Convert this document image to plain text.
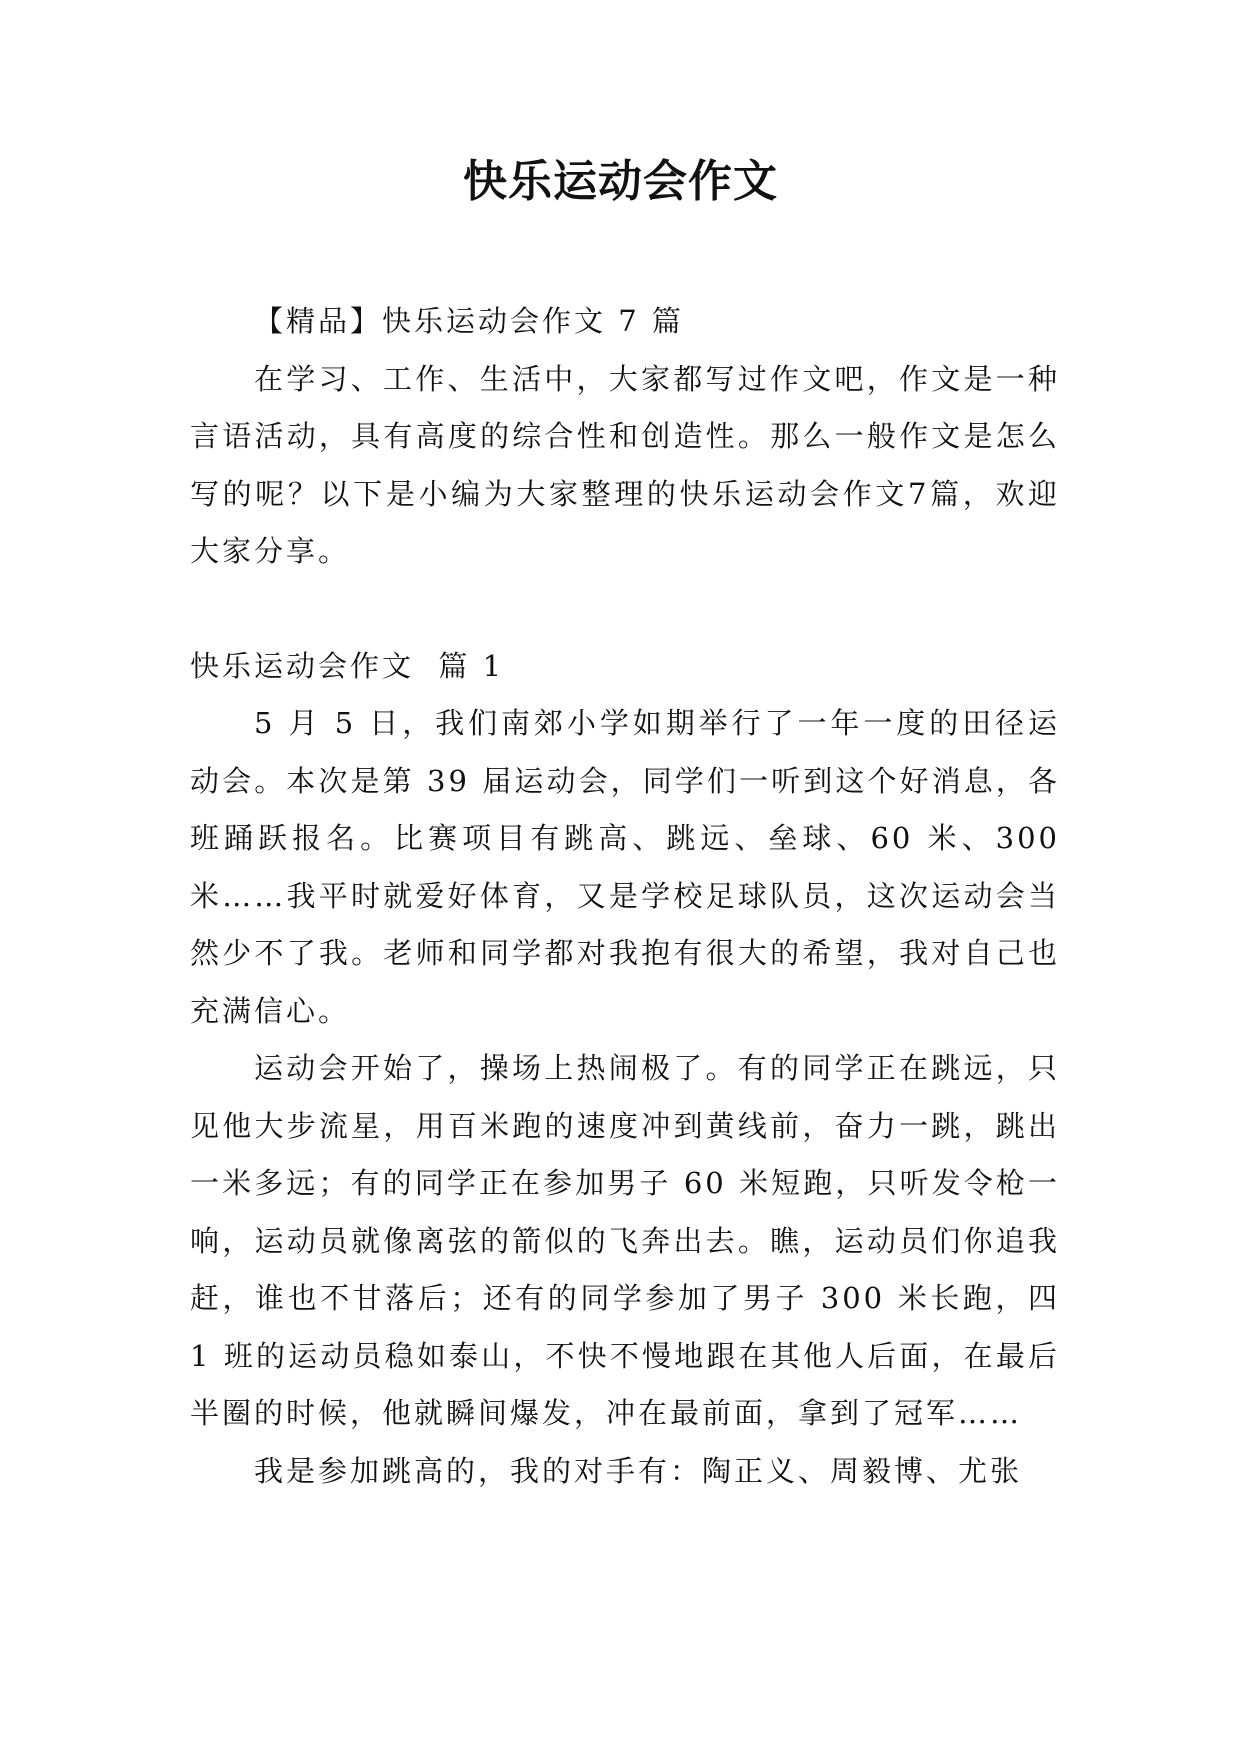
快乐运动会作文

【精品】快乐运动会作文 7 篇

在学习、工作、生活中，大家都写过作文吧，作文是一种言语活动，具有高度的综合性和创造性。那么一般作文是怎么写的呢？以下是小编为大家整理的快乐运动会作文7篇，欢迎大家分享。

快乐运动会作文  篇 1

5 月 5 日，我们南郊小学如期举行了一年一度的田径运动会。本次是第 39 届运动会，同学们一听到这个好消息，各班踊跃报名。比赛项目有跳高、跳远、垒球、60 米、300米……我平时就爱好体育，又是学校足球队员，这次运动会当然少不了我。老师和同学都对我抱有很大的希望，我对自己也充满信心。

运动会开始了，操场上热闹极了。有的同学正在跳远，只见他大步流星，用百米跑的速度冲到黄线前，奋力一跳，跳出一米多远；有的同学正在参加男子 60 米短跑，只听发令枪一响，运动员就像离弦的箭似的飞奔出去。瞧，运动员们你追我赶，谁也不甘落后；还有的同学参加了男子 300 米长跑，四 1 班的运动员稳如泰山，不快不慢地跟在其他人后面，在最后半圈的时候，他就瞬间爆发，冲在最前面，拿到了冠军……

我是参加跳高的，我的对手有：陶正义、周毅博、尤张
